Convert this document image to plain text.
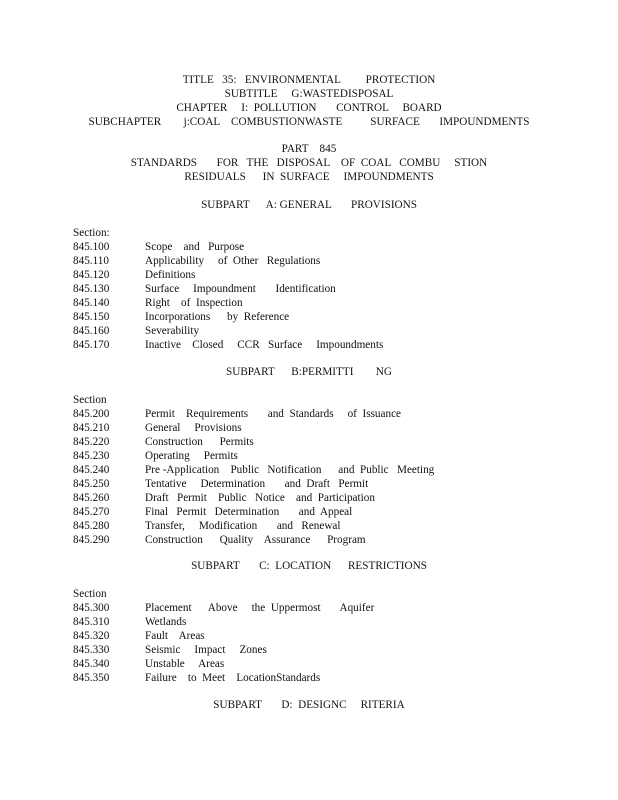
TITLE   35:   ENVIRONMENTAL         PROTECTION
SUBTITLE     G:WASTEDISPOSAL
CHAPTER     I:  POLLUTION       CONTROL     BOARD
SUBCHAPTER        j:COAL    COMBUSTIONWASTE          SURFACE       IMPOUNDMENTS
PART    845
STANDARDS       FOR   THE   DISPOSAL    OF  COAL   COMBU     STION
RESIDUALS      IN  SURFACE     IMPOUNDMENTS
SUBPART      A: GENERAL       PROVISIONS
Section:
845.100	Scope    and   Purpose
845.110	Applicability     of  Other   Regulations
845.120	Definitions
845.130	Surface     Impoundment       Identification
845.140	Right    of  Inspection
845.150	Incorporations      by  Reference
845.160	Severability
845.170	Inactive    Closed     CCR   Surface     Impoundments
SUBPART      B:PERMITTI        NG
Section
845.200	Permit    Requirements       and  Standards     of  Issuance
845.210	General     Provisions
845.220	Construction      Permits
845.230	Operating     Permits
845.240	Pre -Application    Public   Notification      and  Public   Meeting
845.250	Tentative     Determination       and  Draft   Permit
845.260	Draft   Permit    Public   Notice    and  Participation
845.270	Final   Permit   Determination       and  Appeal
845.280	Transfer,     Modification       and   Renewal
845.290	Construction      Quality    Assurance      Program
SUBPART       C:  LOCATION      RESTRICTIONS
Section
845.300	Placement      Above     the  Uppermost       Aquifer
845.310	Wetlands
845.320	Fault    Areas
845.330	Seismic     Impact     Zones
845.340	Unstable     Areas
845.350	Failure    to  Meet    LocationStandards
SUBPART       D:  DESIGNC     RITERIA
